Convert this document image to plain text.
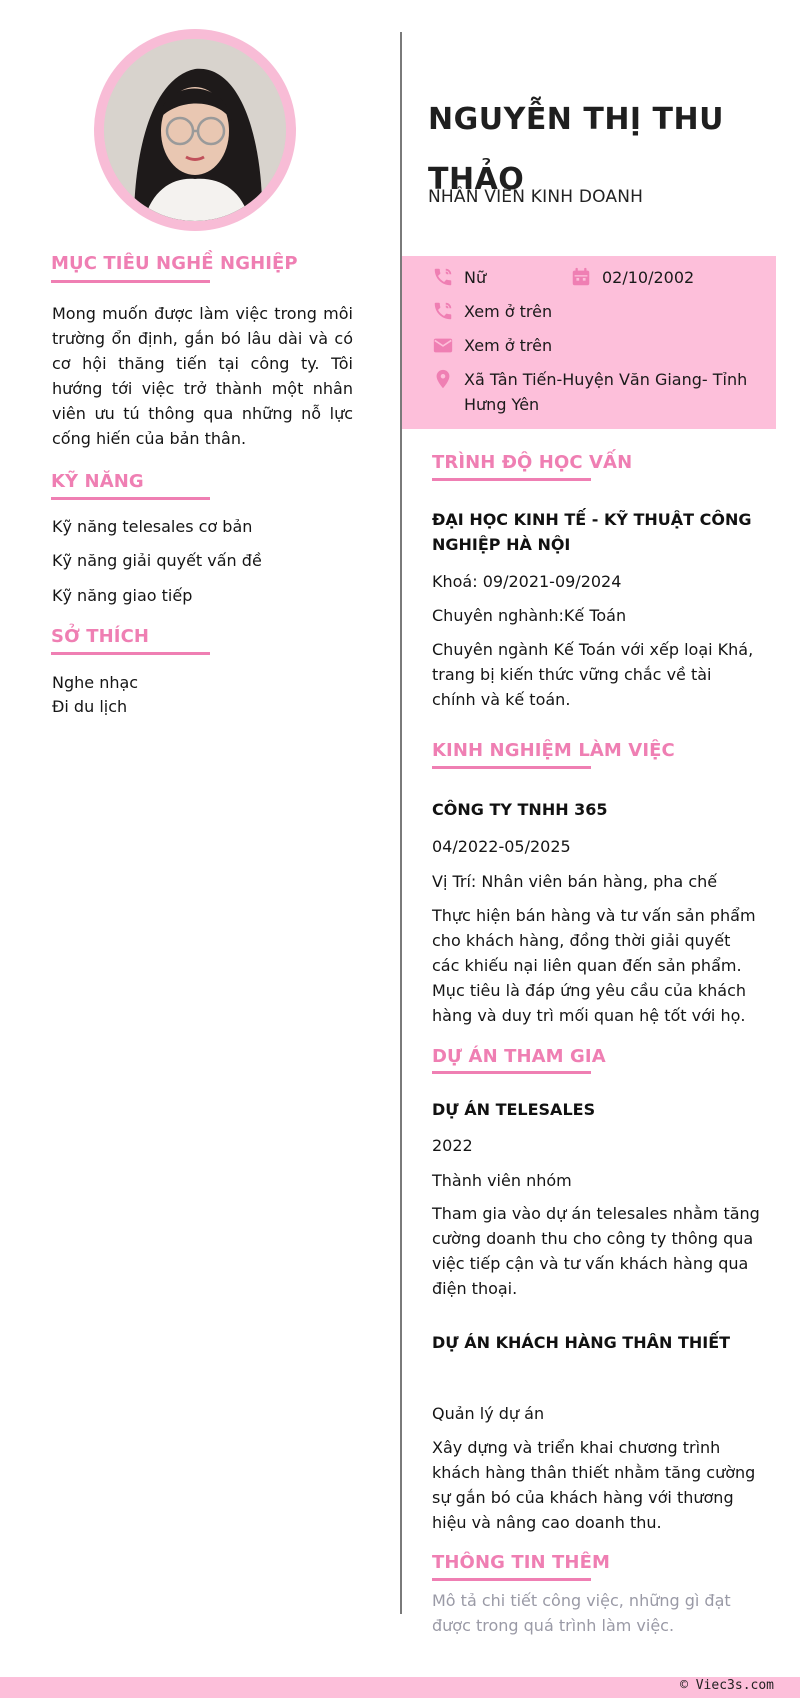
MỤC TIÊU NGHỀ NGHIỆP
Mong muốn được làm việc trong môi trường ổn định, gắn bó lâu dài và có cơ hội thăng tiến tại công ty. Tôi hướng tới việc trở thành một nhân viên ưu tú thông qua những nỗ lực cống hiến của bản thân.
KỸ NĂNG
Kỹ năng telesales cơ bản
Kỹ năng giải quyết vấn đề
Kỹ năng giao tiếp
SỞ THÍCH
Nghe nhạc
Đi du lịch
NGUYỄN THỊ THU THẢO
NHÂN VIÊN KINH DOANH
Nữ	02/10/2002
Xem ở trên
Xem ở trên
Xã Tân Tiến-Huyện Văn Giang- Tỉnh Hưng Yên
TRÌNH ĐỘ HỌC VẤN
ĐẠI HỌC KINH TẾ - KỸ THUẬT CÔNG NGHIỆP HÀ NỘI
Khoá: 09/2021-09/2024
Chuyên nghành:Kế Toán
Chuyên ngành Kế Toán với xếp loại Khá, trang bị kiến thức vững chắc về tài chính và kế toán.
KINH NGHIỆM LÀM VIỆC
CÔNG TY TNHH 365
04/2022-05/2025
Vị Trí: Nhân viên bán hàng, pha chế
Thực hiện bán hàng và tư vấn sản phẩm cho khách hàng, đồng thời giải quyết các khiếu nại liên quan đến sản phẩm. Mục tiêu là đáp ứng yêu cầu của khách hàng và duy trì mối quan hệ tốt với họ.
DỰ ÁN THAM GIA
DỰ ÁN TELESALES
2022
Thành viên nhóm
Tham gia vào dự án telesales nhằm tăng cường doanh thu cho công ty thông qua việc tiếp cận và tư vấn khách hàng qua điện thoại.
DỰ ÁN KHÁCH HÀNG THÂN THIẾT
Quản lý dự án
Xây dựng và triển khai chương trình khách hàng thân thiết nhằm tăng cường sự gắn bó của khách hàng với thương hiệu và nâng cao doanh thu.
THÔNG TIN THÊM
Mô tả chi tiết công việc, những gì đạt được trong quá trình làm việc.
© Viec3s.com
